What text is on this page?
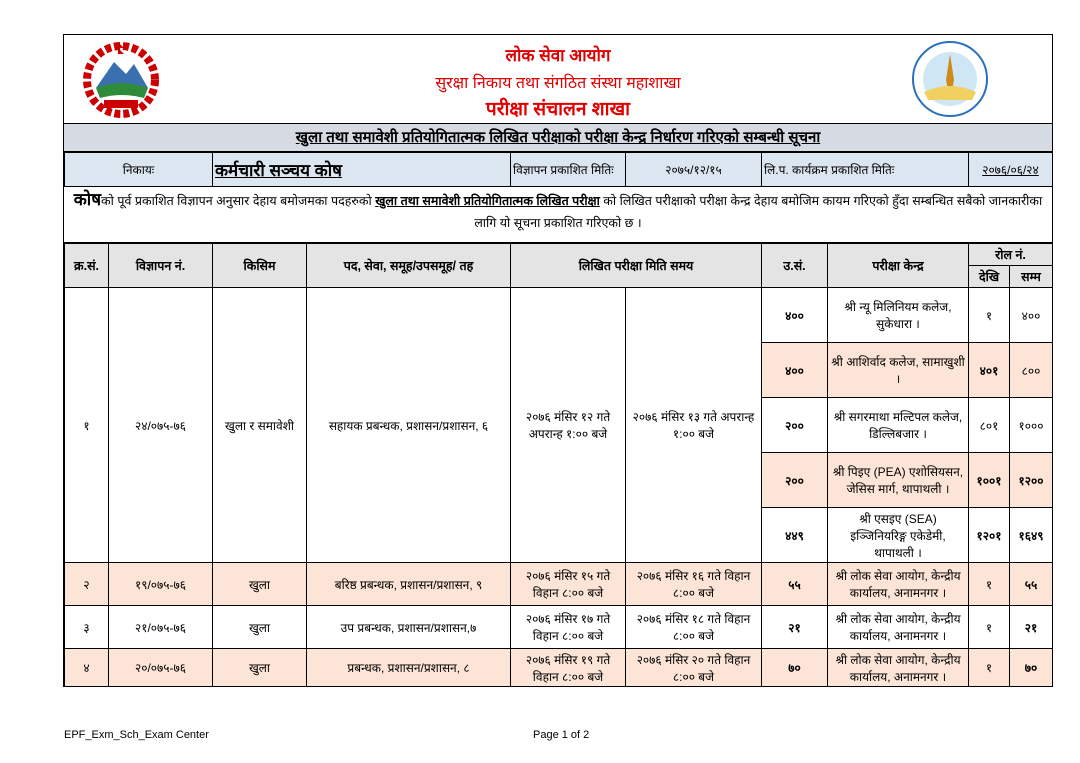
लोक सेवा आयोग
सुरक्षा निकाय तथा संगठित संस्था महाशाखा
परीक्षा संचालन शाखा
खुला तथा समावेशी प्रतियोगितात्मक लिखित परीक्षाको परीक्षा केन्द्र निर्धारण गरिएको सम्बन्धी सूचना
निकायः	कर्मचारी सञ्चय कोष	विज्ञापन प्रकाशित मितिः	२०७५/१२/१५	लि.प. कार्यक्रम प्रकाशित मितिः	२०७६/०६/२४
कोषको पूर्व प्रकाशित विज्ञापन अनुसार देहाय बमोजमका पदहरुको खुला तथा समावेशी प्रतियोगितात्मक लिखित परीक्षा को लिखित परीक्षाको परीक्षा केन्द्र देहाय बमोजिम कायम गरिएको हुँदा सम्बन्धित सबैको जानकारीका लागि यो सूचना प्रकाशित गरिएको छ ।
क्र.सं.	विज्ञापन नं.	किसिम	पद, सेवा, समूह/उपसमूह/ तह	लिखित परीक्षा मिति समय		उ.सं.	परीक्षा केन्द्र	रोल नं.	
								देखि	सम्म
१	२४/०७५-७६	खुला र समावेशी	सहायक प्रबन्धक, प्रशासन/प्रशासन, ६	२०७६ मंसिर १२ गते अपरान्ह १:०० बजे	२०७६ मंसिर १३ गते अपरान्ह १:०० बजे	४००	श्री न्यू मिलिनियम कलेज, सुकेधारा ।	१	४००
						४००	श्री आशिर्वाद कलेज, सामाखुशी ।	४०१	८००
						२००	श्री सगरमाथा मल्टिपल कलेज, डिल्लिबजार ।	८०१	१०००
						२००	श्री पिइए (PEA) एशोसियसन, जेसिस मार्ग, थापाथली ।	१००१	१२००
						४४९	श्री एसइए (SEA) इञ्जिनियरिङ्ग एकेडेमी, थापाथली ।	१२०१	१६४९
२	१९/०७५-७६	खुला	बरिष्ठ प्रबन्धक, प्रशासन/प्रशासन, ९	२०७६ मंसिर १५ गते विहान ८:०० बजे	२०७६ मंसिर १६ गते विहान ८:०० बजे	५५	श्री लोक सेवा आयोग, केन्द्रीय कार्यालय, अनामनगर ।	१	५५
३	२१/०७५-७६	खुला	उप प्रबन्धक, प्रशासन/प्रशासन,७	२०७६ मंसिर १७ गते विहान ८:०० बजे	२०७६ मंसिर १८ गते विहान ८:०० बजे	२१	श्री लोक सेवा आयोग, केन्द्रीय कार्यालय, अनामनगर ।	१	२१
४	२०/०७५-७६	खुला	प्रबन्धक, प्रशासन/प्रशासन, ८	२०७६ मंसिर १९ गते विहान ८:०० बजे	२०७६ मंसिर २० गते विहान ८:०० बजे	७०	श्री लोक सेवा आयोग, केन्द्रीय कार्यालय, अनामनगर ।	१	७०
EPF_Exm_Sch_Exam Center	Page 1 of 2
